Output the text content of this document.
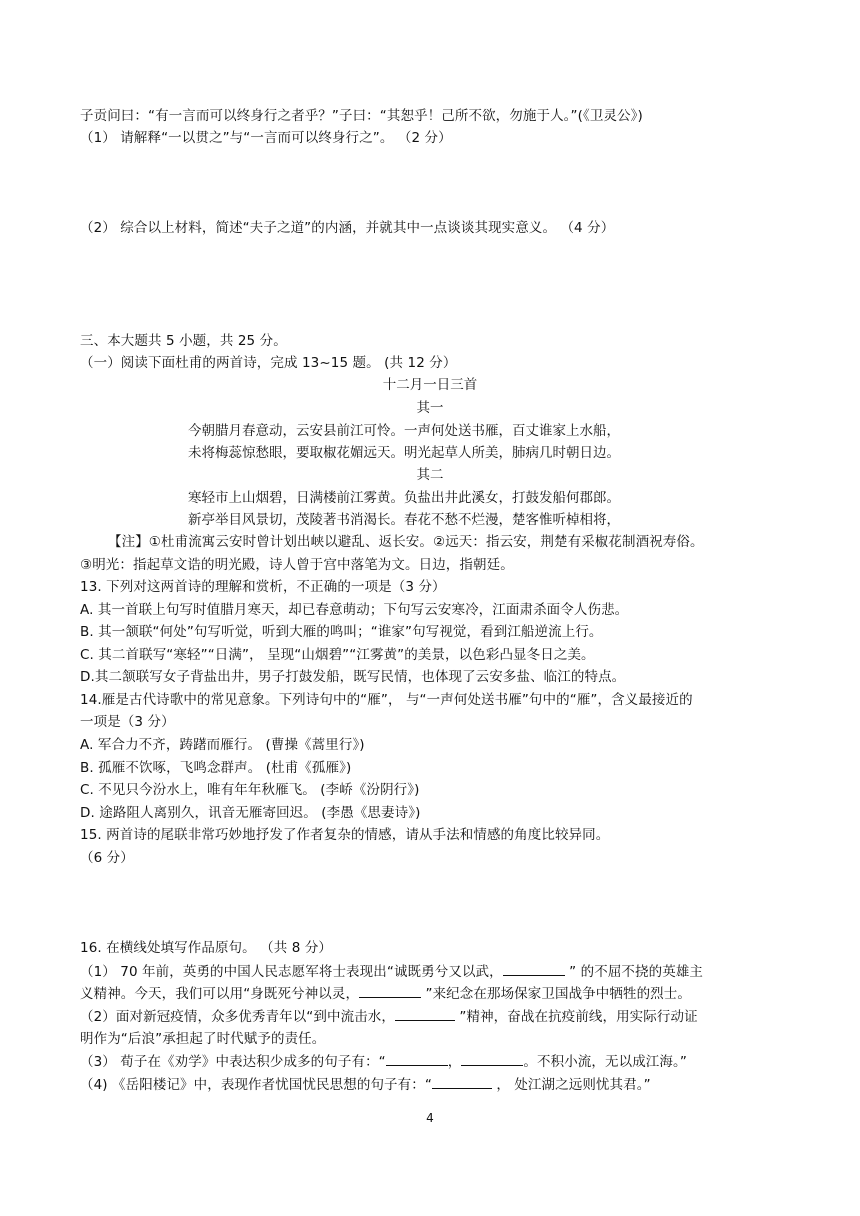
子贡问曰：“有一言而可以终身行之者乎？”子曰：“其恕乎！己所不欲，勿施于人。”(《卫灵公》)
（1） 请解释“一以贯之”与“一言而可以终身行之”。 （2 分）
（2） 综合以上材料，简述“夫子之道”的内涵，并就其中一点谈谈其现实意义。 （4 分）
三、本大题共 5 小题，共 25 分。
（一）阅读下面杜甫的两首诗，完成 13~15 题。 (共 12 分）
十二月一日三首
其一
今朝腊月春意动，云安县前江可怜。一声何处送书雁，百丈谁家上水船，
未将梅蕊惊愁眼，要取椒花媚远天。明光起草人所美，肺病几时朝日边。
其二
寒轻市上山烟碧，日满楼前江雾黄。负盐出井此溪女，打鼓发船何郡郎。
新亭举目风景切，茂陵著书消渴长。春花不愁不烂漫，楚客惟听棹相将，
【注】①杜甫流寓云安时曾计划出峡以避乱、返长安。②远天：指云安，荆楚有采椒花制酒祝寿俗。
③明光：指起草文诰的明光殿，诗人曾于宫中落笔为文。日边，指朝廷。
13. 下列对这两首诗的理解和赏析，不正确的一项是（3 分）
A. 其一首联上句写时值腊月寒天，却已春意萌动；下句写云安寒冷，江面肃杀面令人伤悲。
B. 其一颔联“何处”句写听觉，听到大雁的鸣叫；“谁家”句写视觉，看到江船逆流上行。
C. 其二首联写“寒轻”“日满”， 呈现“山烟碧”“江雾黄”的美景，以色彩凸显冬日之美。
D.其二颔联写女子背盐出井，男子打鼓发船，既写民情，也体现了云安多盐、临江的特点。
14.雁是古代诗歌中的常见意象。下列诗句中的“雁”， 与“一声何处送书雁”句中的“雁”，含义最接近的
一项是（3 分）
A. 军合力不齐，踌躇而雁行。 (曹操《蒿里行》)
B. 孤雁不饮啄，飞鸣念群声。 (杜甫《孤雁》)
C. 不见只今汾水上，唯有年年秋雁飞。 (李峤《汾阴行》)
D. 途路阻人离别久，讯音无雁寄回迟。 (李愚《思妻诗》)
15. 两首诗的尾联非常巧妙地抒发了作者复杂的情感，请从手法和情感的角度比较异同。
（6 分）
16. 在横线处填写作品原句。 （共 8 分）
（1） 70 年前，英勇的中国人民志愿军将士表现出“诚既勇兮又以武，	” 的不屈不挠的英雄主
义精神。今天，我们可以用“身既死兮神以灵，	”来纪念在那场保家卫国战争中牺牲的烈士。
（2）面对新冠疫情，众多优秀青年以“到中流击水，	”精神，奋战在抗疫前线，用实际行动证
明作为“后浪”承担起了时代赋予的责任。
（3） 荀子在《劝学》中表达积少成多的句子有：“	，	。不积小流，无以成江海。”
（4) 《岳阳楼记》中，表现作者忧国忧民思想的句子有：“	， 处江湖之远则忧其君。”
4
